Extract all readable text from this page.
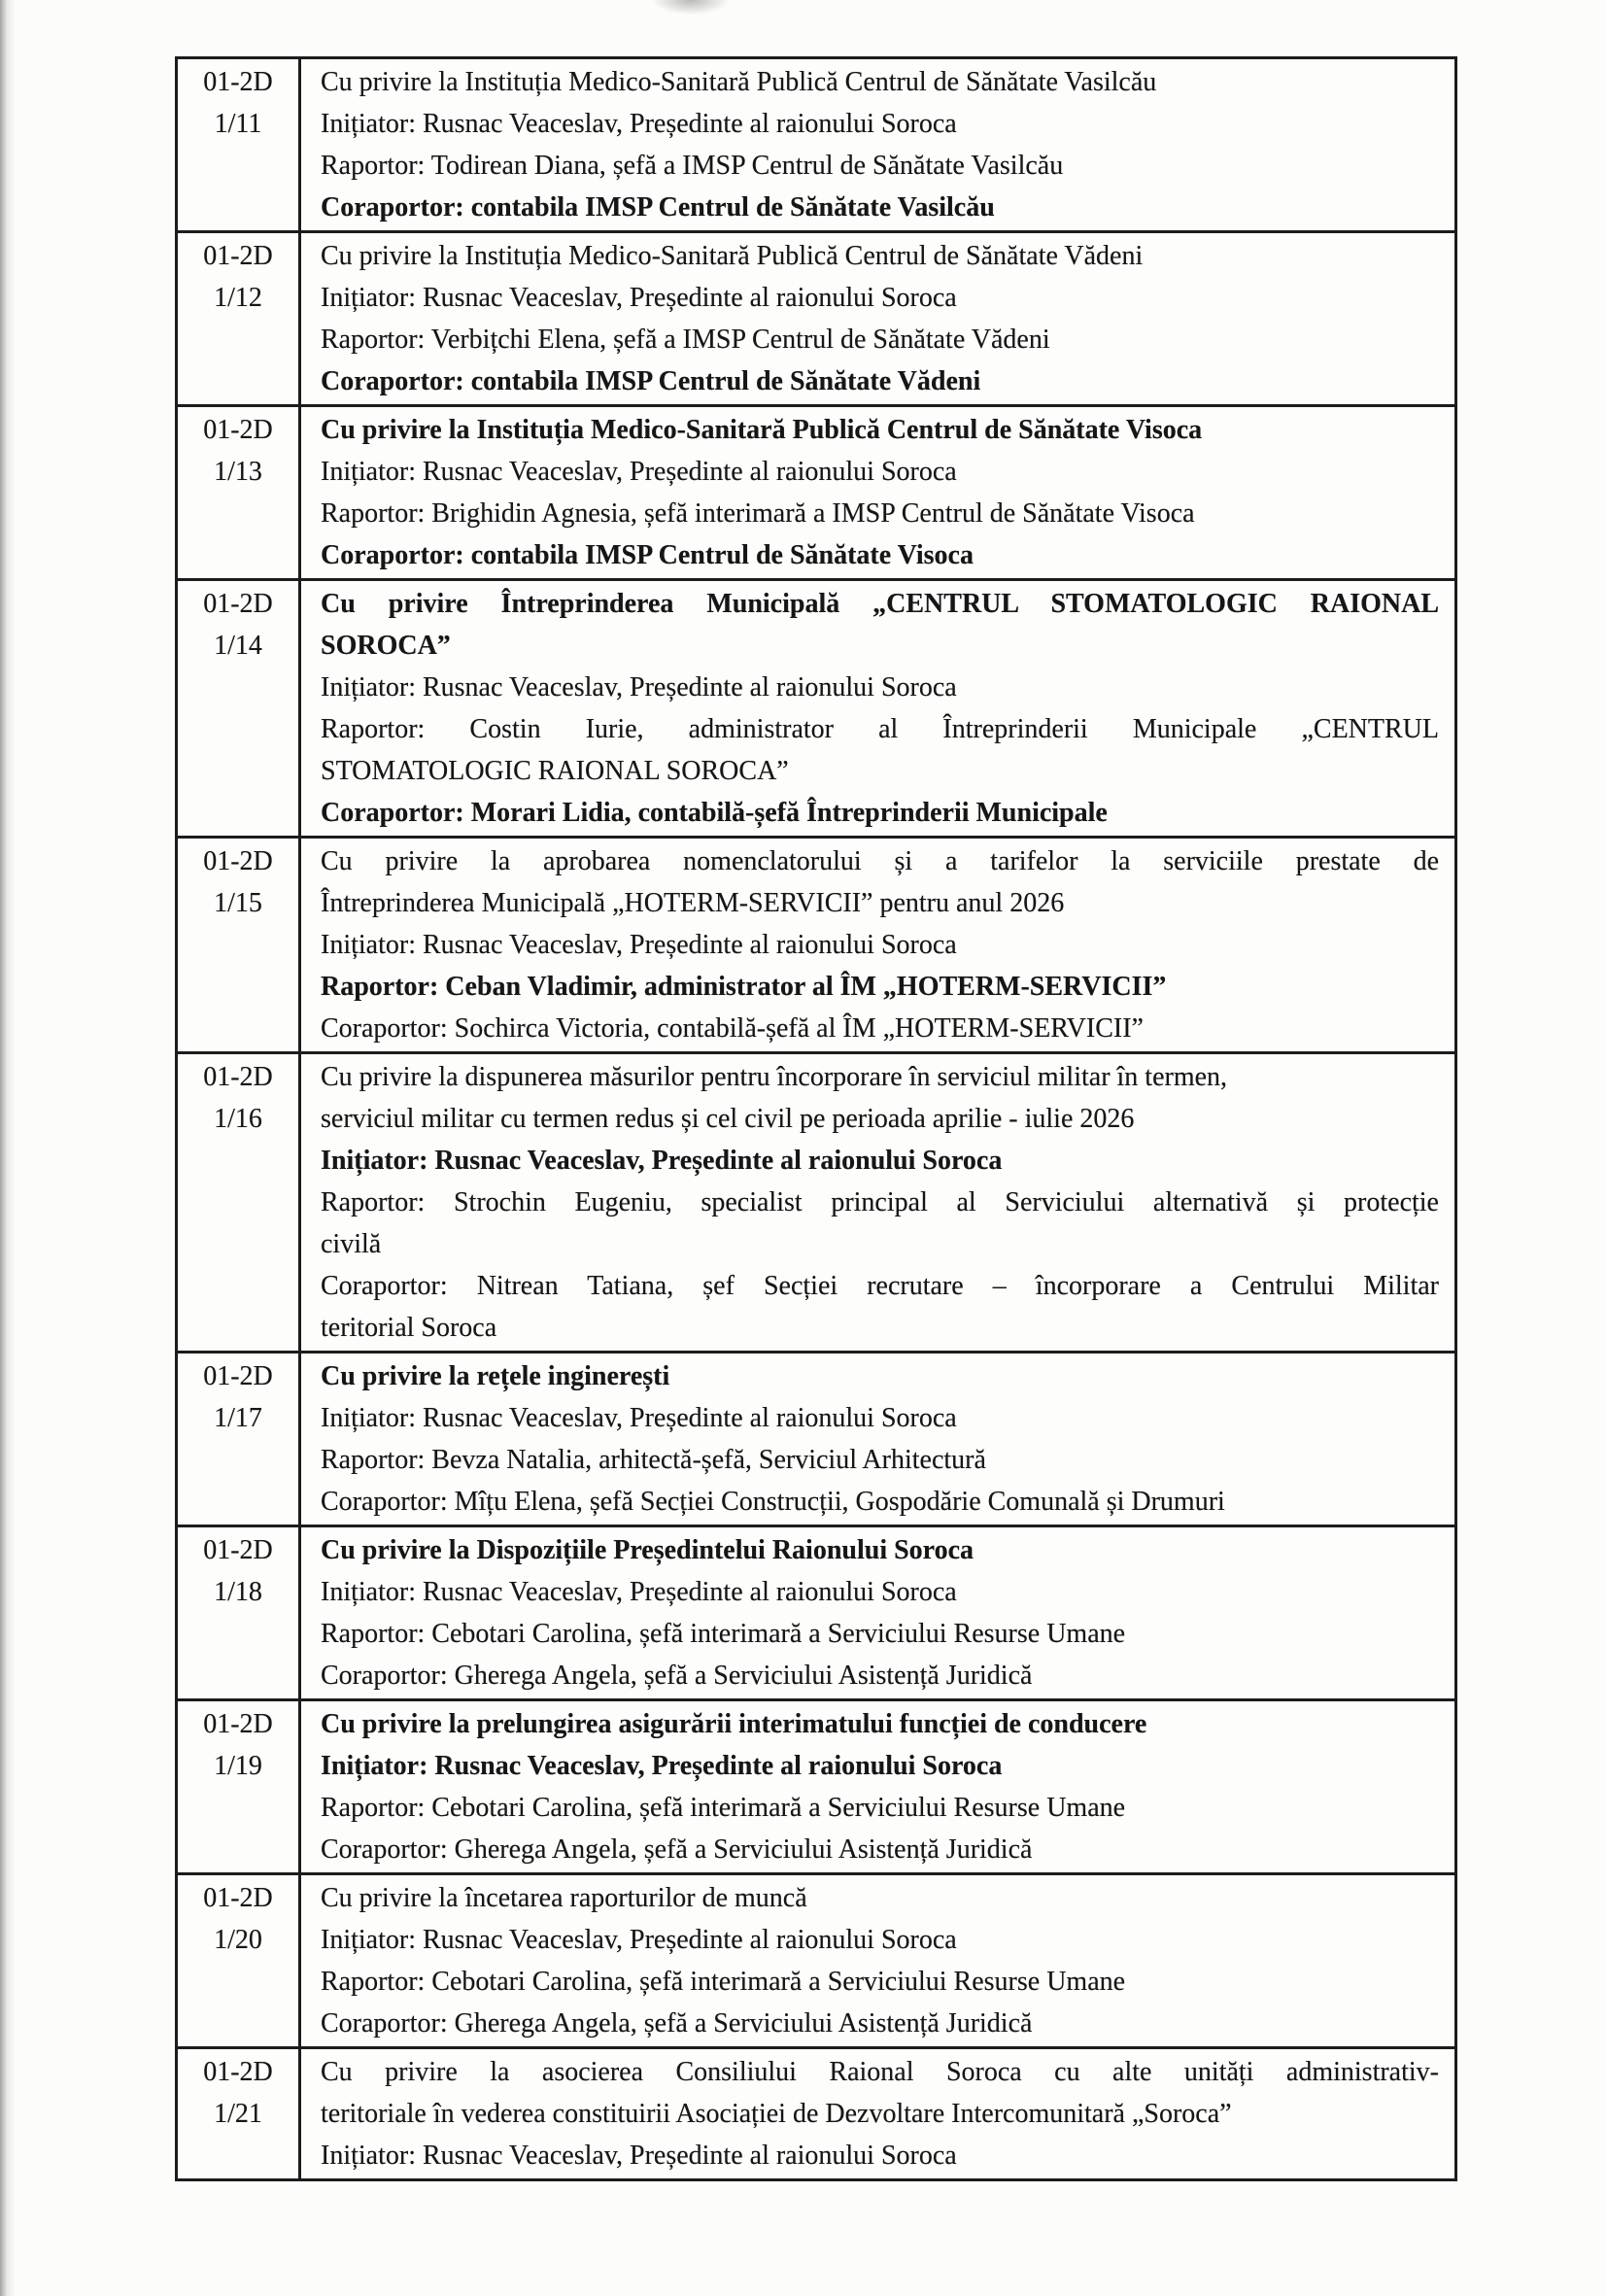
01-2D
1/11
Cu privire la Instituția Medico-Sanitară Publică Centrul de Sănătate Vasilcău
Inițiator: Rusnac Veaceslav, Președinte al raionului Soroca
Raportor: Todirean Diana, șefă a IMSP Centrul de Sănătate Vasilcău
Coraportor: contabila IMSP Centrul de Sănătate Vasilcău
01-2D
1/12
Cu privire la Instituția Medico-Sanitară Publică Centrul de Sănătate Vădeni
Inițiator: Rusnac Veaceslav, Președinte al raionului Soroca
Raportor: Verbițchi Elena, șefă a IMSP Centrul de Sănătate Vădeni
Coraportor: contabila IMSP Centrul de Sănătate Vădeni
01-2D
1/13
Cu privire la Instituția Medico-Sanitară Publică Centrul de Sănătate Visoca
Inițiator: Rusnac Veaceslav, Președinte al raionului Soroca
Raportor: Brighidin Agnesia, șefă interimară a IMSP Centrul de Sănătate Visoca
Coraportor: contabila IMSP Centrul de Sănătate Visoca
01-2D
1/14
Cu privire Întreprinderea Municipală „CENTRUL STOMATOLOGIC RAIONAL
SOROCA”
Inițiator: Rusnac Veaceslav, Președinte al raionului Soroca
Raportor: Costin Iurie, administrator al Întreprinderii Municipale „CENTRUL
STOMATOLOGIC RAIONAL SOROCA”
Coraportor: Morari Lidia, contabilă-șefă Întreprinderii Municipale
01-2D
1/15
Cu privire la aprobarea nomenclatorului și a tarifelor la serviciile prestate de
Întreprinderea Municipală „HOTERM-SERVICII” pentru anul 2026
Inițiator: Rusnac Veaceslav, Președinte al raionului Soroca
Raportor: Ceban Vladimir, administrator al ÎM „HOTERM-SERVICII”
Coraportor: Sochirca Victoria, contabilă-șefă al ÎM „HOTERM-SERVICII”
01-2D
1/16
Cu privire la dispunerea măsurilor pentru încorporare în serviciul militar în termen,
serviciul militar cu termen redus și cel civil pe perioada aprilie - iulie 2026
Inițiator: Rusnac Veaceslav, Președinte al raionului Soroca
Raportor: Strochin Eugeniu, specialist principal al Serviciului alternativă și protecție
civilă
Coraportor: Nitrean Tatiana, șef Secției recrutare – încorporare a Centrului Militar
teritorial Soroca
01-2D
1/17
Cu privire la rețele inginerești
Inițiator: Rusnac Veaceslav, Președinte al raionului Soroca
Raportor: Bevza Natalia, arhitectă-șefă, Serviciul Arhitectură
Coraportor: Mîțu Elena, șefă Secției Construcții, Gospodărie Comunală și Drumuri
01-2D
1/18
Cu privire la Dispozițiile Președintelui Raionului Soroca
Inițiator: Rusnac Veaceslav, Președinte al raionului Soroca
Raportor: Cebotari Carolina, șefă interimară a Serviciului Resurse Umane
Coraportor: Gherega Angela, șefă a Serviciului Asistență Juridică
01-2D
1/19
Cu privire la prelungirea asigurării interimatului funcției de conducere
Inițiator: Rusnac Veaceslav, Președinte al raionului Soroca
Raportor: Cebotari Carolina, șefă interimară a Serviciului Resurse Umane
Coraportor: Gherega Angela, șefă a Serviciului Asistență Juridică
01-2D
1/20
Cu privire la încetarea raporturilor de muncă
Inițiator: Rusnac Veaceslav, Președinte al raionului Soroca
Raportor: Cebotari Carolina, șefă interimară a Serviciului Resurse Umane
Coraportor: Gherega Angela, șefă a Serviciului Asistență Juridică
01-2D
1/21
Cu privire la asocierea Consiliului Raional Soroca cu alte unități administrativ-
teritoriale în vederea constituirii Asociației de Dezvoltare Intercomunitară „Soroca”
Inițiator: Rusnac Veaceslav, Președinte al raionului Soroca
